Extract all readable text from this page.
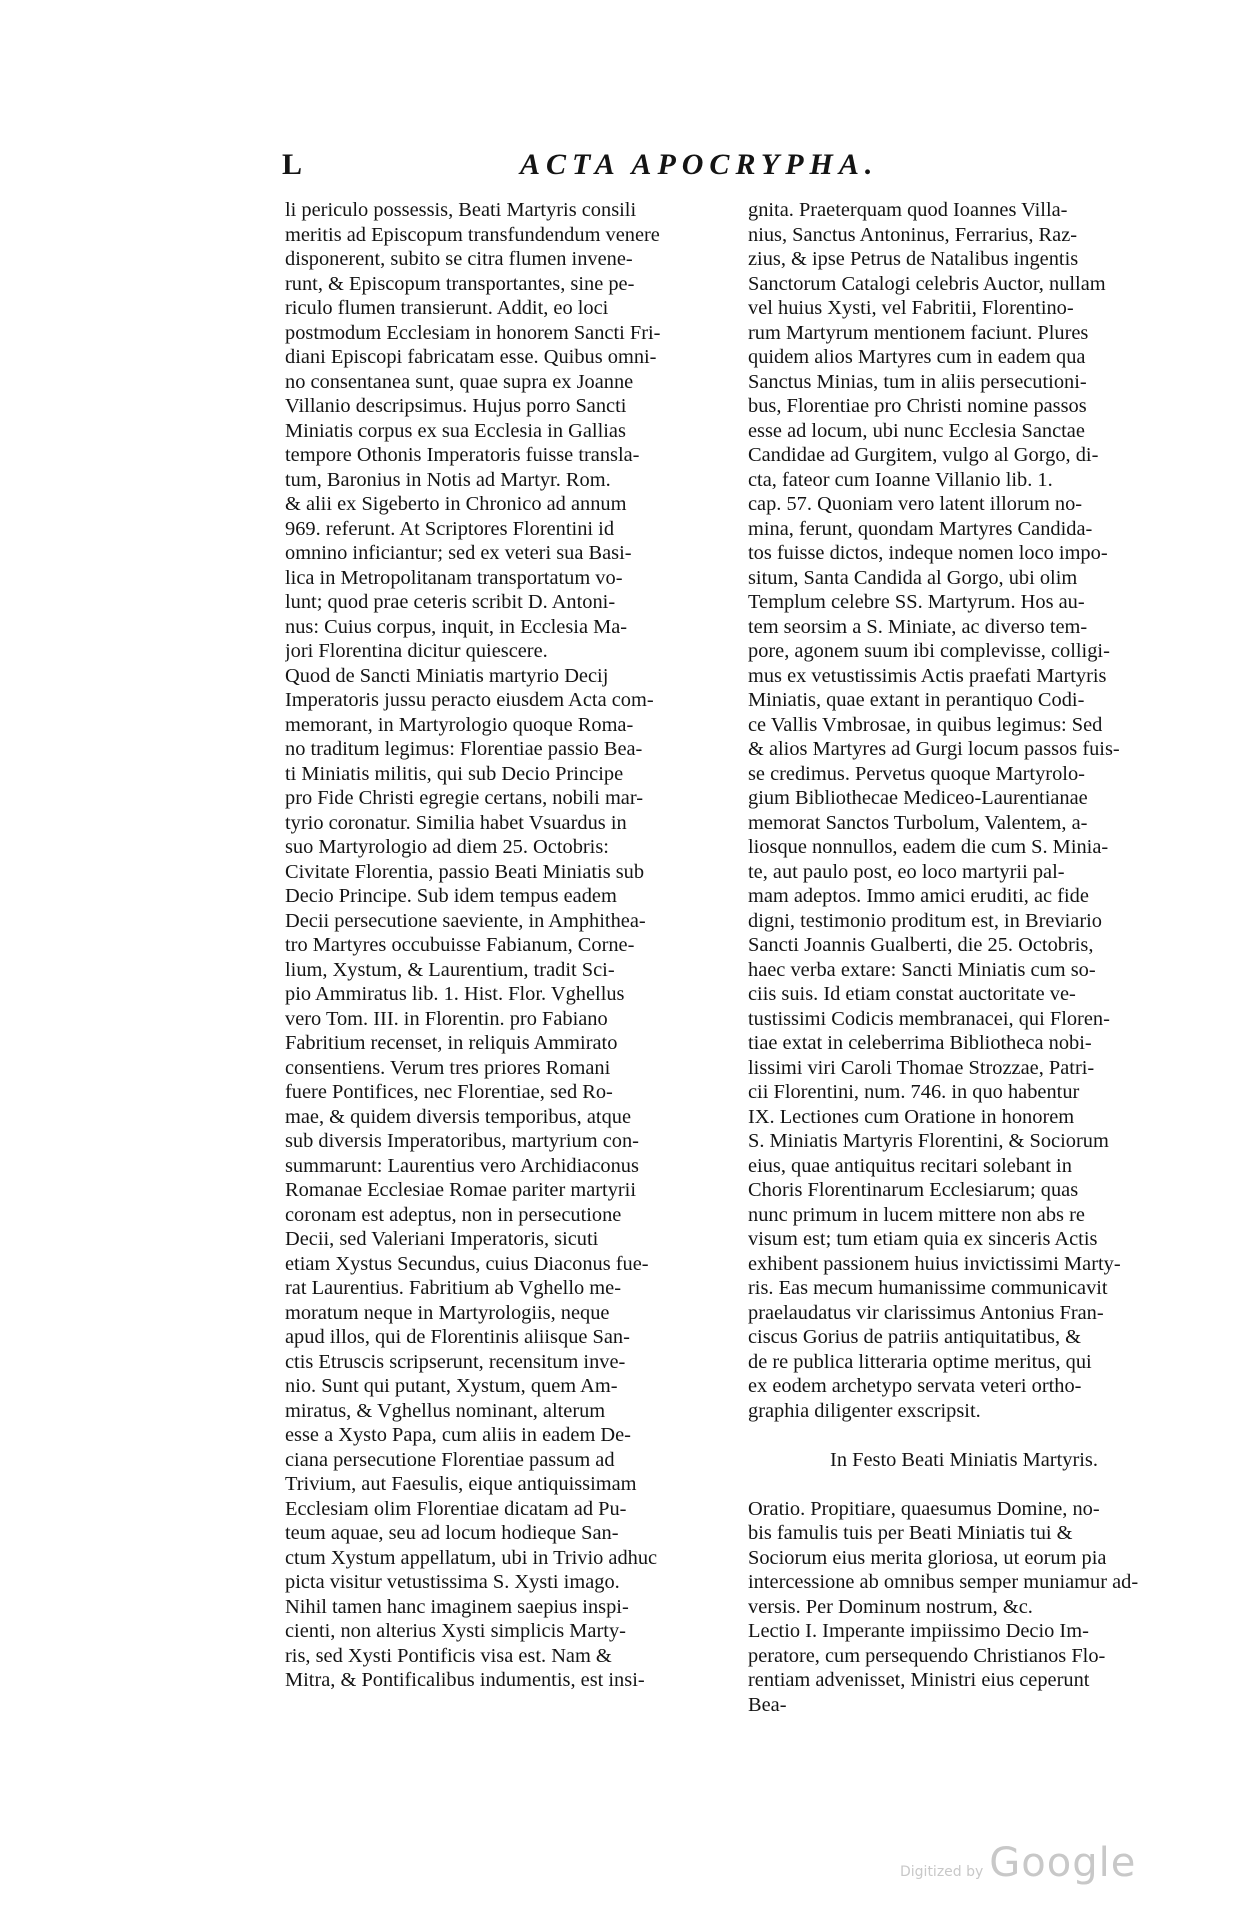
L	ACTA APOCRYPHA.
li periculo possessis, Beati Martyris consili
meritis ad Episcopum transfundendum venere
disponerent, subito se citra flumen invene-
runt, & Episcopum transportantes, sine pe-
riculo flumen transierunt. Addit, eo loci
postmodum Ecclesiam in honorem Sancti Fri-
diani Episcopi fabricatam esse. Quibus omni-
no consentanea sunt, quae supra ex Joanne
Villanio descripsimus. Hujus porro Sancti
Miniatis corpus ex sua Ecclesia in Gallias
tempore Othonis Imperatoris fuisse transla-
tum, Baronius in Notis ad Martyr. Rom.
& alii ex Sigeberto in Chronico ad annum
969. referunt. At Scriptores Florentini id
omnino inficiantur; sed ex veteri sua Basi-
lica in Metropolitanam transportatum vo-
lunt; quod prae ceteris scribit D. Antoni-
nus: Cuius corpus, inquit, in Ecclesia Ma-
jori Florentina dicitur quiescere.
Quod de Sancti Miniatis martyrio Decij
Imperatoris jussu peracto eiusdem Acta com-
memorant, in Martyrologio quoque Roma-
no traditum legimus: Florentiae passio Bea-
ti Miniatis militis, qui sub Decio Principe
pro Fide Christi egregie certans, nobili mar-
tyrio coronatur. Similia habet Vsuardus in
suo Martyrologio ad diem 25. Octobris:
Civitate Florentia, passio Beati Miniatis sub
Decio Principe. Sub idem tempus eadem
Decii persecutione saeviente, in Amphithea-
tro Martyres occubuisse Fabianum, Corne-
lium, Xystum, & Laurentium, tradit Sci-
pio Ammiratus lib. 1. Hist. Flor. Vghellus
vero Tom. III. in Florentin. pro Fabiano
Fabritium recenset, in reliquis Ammirato
consentiens. Verum tres priores Romani
fuere Pontifices, nec Florentiae, sed Ro-
mae, & quidem diversis temporibus, atque
sub diversis Imperatoribus, martyrium con-
summarunt: Laurentius vero Archidiaconus
Romanae Ecclesiae Romae pariter martyrii
coronam est adeptus, non in persecutione
Decii, sed Valeriani Imperatoris, sicuti
etiam Xystus Secundus, cuius Diaconus fue-
rat Laurentius. Fabritium ab Vghello me-
moratum neque in Martyrologiis, neque
apud illos, qui de Florentinis aliisque San-
ctis Etruscis scripserunt, recensitum inve-
nio. Sunt qui putant, Xystum, quem Am-
miratus, & Vghellus nominant, alterum
esse a Xysto Papa, cum aliis in eadem De-
ciana persecutione Florentiae passum ad
Trivium, aut Faesulis, eique antiquissimam
Ecclesiam olim Florentiae dicatam ad Pu-
teum aquae, seu ad locum hodieque San-
ctum Xystum appellatum, ubi in Trivio adhuc
picta visitur vetustissima S. Xysti imago.
Nihil tamen hanc imaginem saepius inspi-
cienti, non alterius Xysti simplicis Marty-
ris, sed Xysti Pontificis visa est. Nam &
Mitra, & Pontificalibus indumentis, est insi-
gnita. Praeterquam quod Ioannes Villa-
nius, Sanctus Antoninus, Ferrarius, Raz-
zius, & ipse Petrus de Natalibus ingentis
Sanctorum Catalogi celebris Auctor, nullam
vel huius Xysti, vel Fabritii, Florentino-
rum Martyrum mentionem faciunt. Plures
quidem alios Martyres cum in eadem qua
Sanctus Minias, tum in aliis persecutioni-
bus, Florentiae pro Christi nomine passos
esse ad locum, ubi nunc Ecclesia Sanctae
Candidae ad Gurgitem, vulgo al Gorgo, di-
cta, fateor cum Ioanne Villanio lib. 1.
cap. 57. Quoniam vero latent illorum no-
mina, ferunt, quondam Martyres Candida-
tos fuisse dictos, indeque nomen loco impo-
situm, Santa Candida al Gorgo, ubi olim
Templum celebre SS. Martyrum. Hos au-
tem seorsim a S. Miniate, ac diverso tem-
pore, agonem suum ibi complevisse, colligi-
mus ex vetustissimis Actis praefati Martyris
Miniatis, quae extant in perantiquo Codi-
ce Vallis Vmbrosae, in quibus legimus: Sed
& alios Martyres ad Gurgi locum passos fuis-
se credimus. Pervetus quoque Martyrolo-
gium Bibliothecae Mediceo-Laurentianae
memorat Sanctos Turbolum, Valentem, a-
liosque nonnullos, eadem die cum S. Minia-
te, aut paulo post, eo loco martyrii pal-
mam adeptos. Immo amici eruditi, ac fide
digni, testimonio proditum est, in Breviario
Sancti Joannis Gualberti, die 25. Octobris,
haec verba extare: Sancti Miniatis cum so-
ciis suis. Id etiam constat auctoritate ve-
tustissimi Codicis membranacei, qui Floren-
tiae extat in celeberrima Bibliotheca nobi-
lissimi viri Caroli Thomae Strozzae, Patri-
cii Florentini, num. 746. in quo habentur
IX. Lectiones cum Oratione in honorem
S. Miniatis Martyris Florentini, & Sociorum
eius, quae antiquitus recitari solebant in
Choris Florentinarum Ecclesiarum; quas
nunc primum in lucem mittere non abs re
visum est; tum etiam quia ex sinceris Actis
exhibent passionem huius invictissimi Marty-
ris. Eas mecum humanissime communicavit
praelaudatus vir clarissimus Antonius Fran-
ciscus Gorius de patriis antiquitatibus, &
de re publica litteraria optime meritus, qui
ex eodem archetypo servata veteri ortho-
graphia diligenter exscripsit.
In Festo Beati Miniatis Martyris.
Oratio. Propitiare, quaesumus Domine, no-
bis famulis tuis per Beati Miniatis tui &
Sociorum eius merita gloriosa, ut eorum pia
intercessione ab omnibus semper muniamur ad-
versis. Per Dominum nostrum, &c.
Lectio I. Imperante impiissimo Decio Im-
peratore, cum persequendo Christianos Flo-
rentiam advenisset, Ministri eius ceperunt
Bea-
Digitized by Google
